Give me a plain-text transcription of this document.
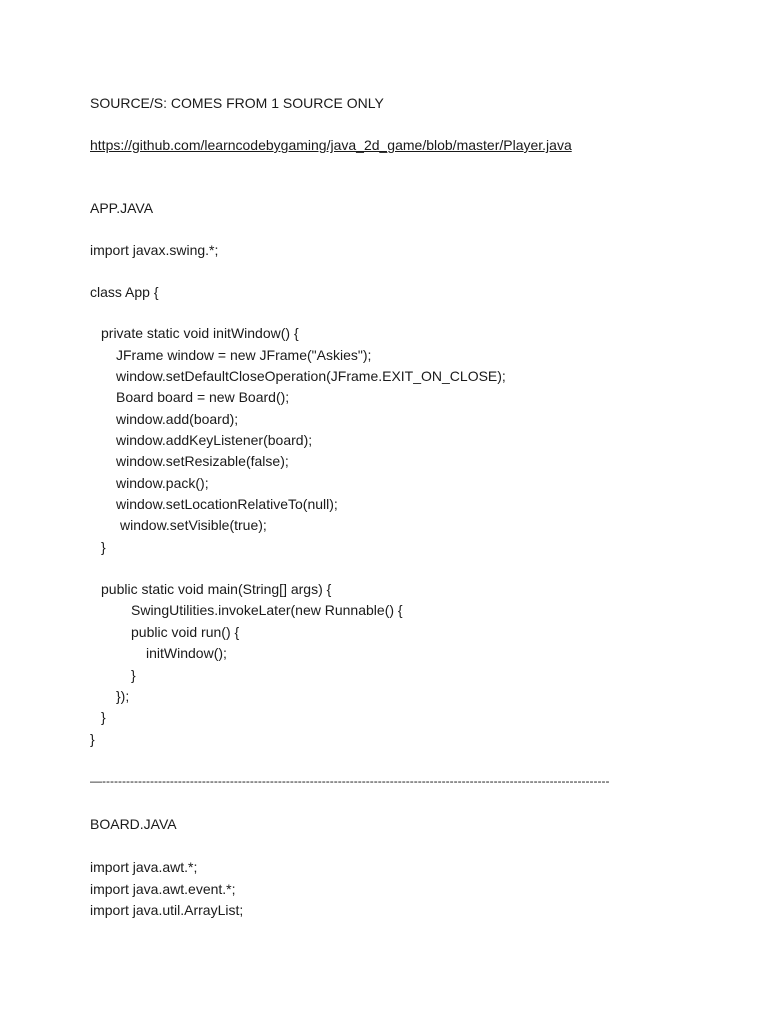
SOURCE/S: COMES FROM 1 SOURCE ONLY
https://github.com/learncodebygaming/java_2d_game/blob/master/Player.java
APP.JAVA
import javax.swing.*;
class App {
private static void initWindow() {
JFrame window = new JFrame("Askies");
window.setDefaultCloseOperation(JFrame.EXIT_ON_CLOSE);
Board board = new Board();
window.add(board);
window.addKeyListener(board);
window.setResizable(false);
window.pack();
window.setLocationRelativeTo(null);
window.setVisible(true);
}
public static void main(String[] args) {
SwingUtilities.invokeLater(new Runnable() {
public void run() {
initWindow();
}
});
}
}
—-------------------------------------------------------------------------------------------------------------------------------
BOARD.JAVA
import java.awt.*;
import java.awt.event.*;
import java.util.ArrayList;
